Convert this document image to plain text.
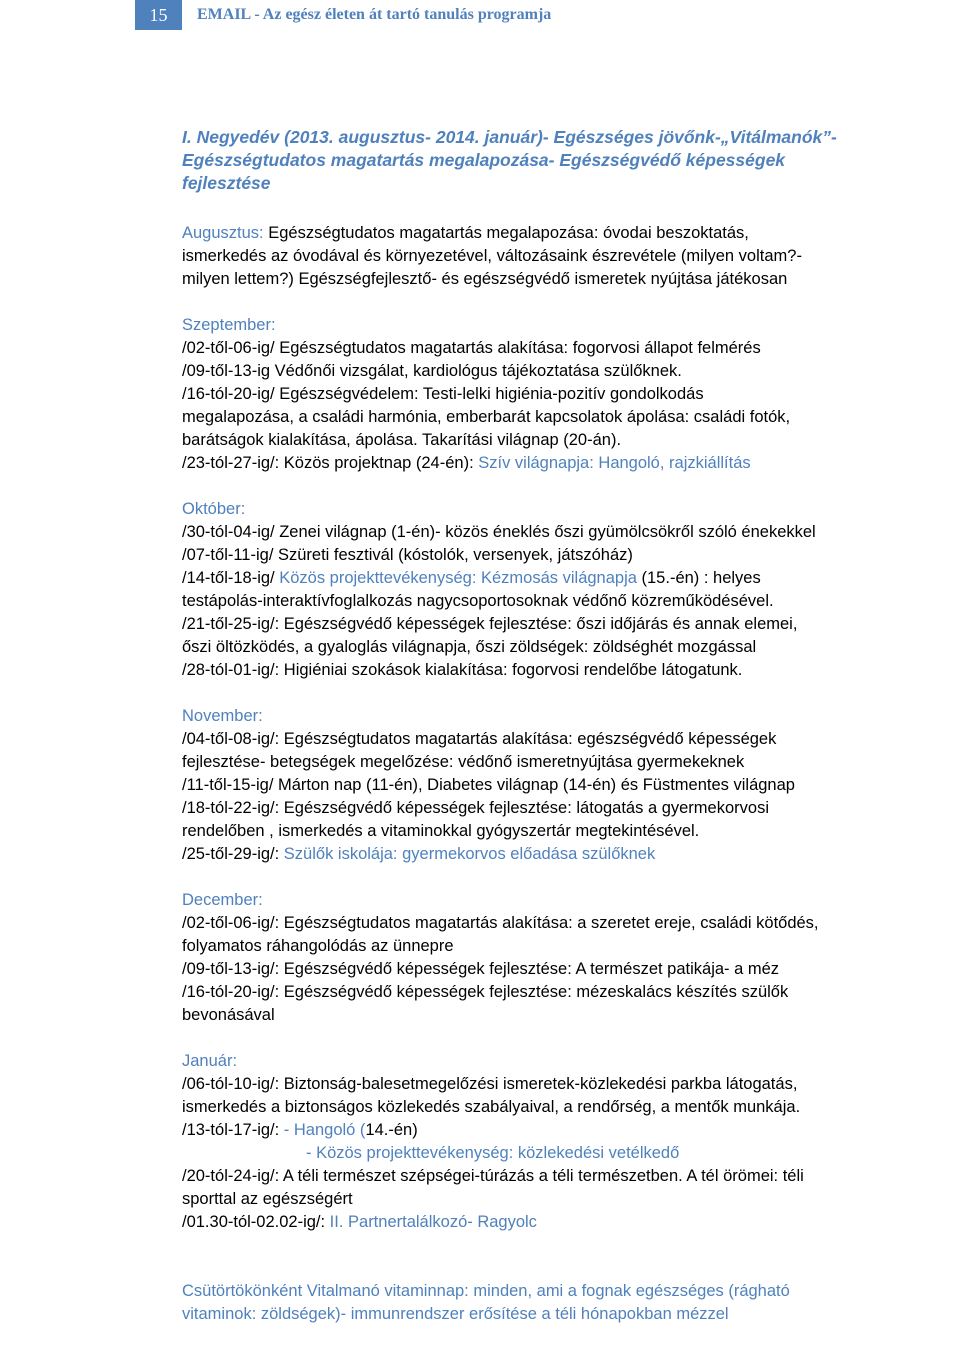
15	EMAIL - Az egész életen át tartó tanulás programja
I. Negyedév (2013. augusztus- 2014. január)- Egészséges jövőnk-„Vitálmanók”-
Egészségtudatos magatartás megalapozása- Egészségvédő képességek
fejlesztése
Augusztus: Egészségtudatos magatartás megalapozása: óvodai beszoktatás,
ismerkedés az óvodával és környezetével, változásaink észrevétele (milyen voltam?-
milyen lettem?) Egészségfejlesztő- és egészségvédő ismeretek nyújtása játékosan
Szeptember:
/02-től-06-ig/ Egészségtudatos magatartás alakítása: fogorvosi állapot felmérés
/09-től-13-ig Védőnői vizsgálat, kardiológus tájékoztatása szülőknek.
/16-tól-20-ig/ Egészségvédelem: Testi-lelki higiénia-pozitív gondolkodás
megalapozása, a családi harmónia, emberbarát kapcsolatok ápolása: családi fotók,
barátságok kialakítása, ápolása. Takarítási világnap (20-án).
/23-tól-27-ig/: Közös projektnap (24-én): Szív világnapja: Hangoló, rajzkiállítás
Október:
/30-tól-04-ig/ Zenei világnap (1-én)- közös éneklés őszi gyümölcsökről szóló énekekkel
/07-től-11-ig/ Szüreti fesztivál (kóstolók, versenyek, játszóház)
/14-től-18-ig/ Közös projekttevékenység: Kézmosás világnapja (15.-én) : helyes
testápolás-interaktívfoglalkozás nagycsoportosoknak védőnő közreműködésével.
/21-től-25-ig/: Egészségvédő képességek fejlesztése: őszi időjárás és annak elemei,
őszi öltözködés, a gyaloglás világnapja, őszi zöldségek: zöldséghét mozgással
/28-tól-01-ig/: Higiéniai szokások kialakítása: fogorvosi rendelőbe látogatunk.
November:
/04-től-08-ig/: Egészségtudatos magatartás alakítása: egészségvédő képességek
fejlesztése- betegségek megelőzése: védőnő ismeretnyújtása gyermekeknek
/11-től-15-ig/ Márton nap (11-én), Diabetes világnap (14-én) és Füstmentes világnap
/18-tól-22-ig/: Egészségvédő képességek fejlesztése: látogatás a gyermekorvosi
rendelőben , ismerkedés a vitaminokkal gyógyszertár megtekintésével.
/25-től-29-ig/: Szülők iskolája: gyermekorvos előadása szülőknek
December:
/02-től-06-ig/: Egészségtudatos magatartás alakítása: a szeretet ereje, családi kötődés,
folyamatos ráhangolódás az ünnepre
/09-től-13-ig/: Egészségvédő képességek fejlesztése: A természet patikája- a méz
/16-tól-20-ig/: Egészségvédő képességek fejlesztése: mézeskalács készítés szülők
bevonásával
Január:
/06-tól-10-ig/: Biztonság-balesetmegelőzési ismeretek-közlekedési parkba látogatás,
ismerkedés a biztonságos közlekedés szabályaival, a rendőrség, a mentők munkája.
/13-tól-17-ig/: - Hangoló (14.-én)
- Közös projekttevékenység: közlekedési vetélkedő
/20-tól-24-ig/: A téli természet szépségei-túrázás a téli természetben. A tél örömei: téli
sporttal az egészségért
/01.30-tól-02.02-ig/: II. Partnertalálkozó- Ragyolc
Csütörtökönként Vitalmanó vitaminnap: minden, ami a fognak egészséges (rágható
vitaminok: zöldségek)- immunrendszer erősítése a téli hónapokban mézzel
